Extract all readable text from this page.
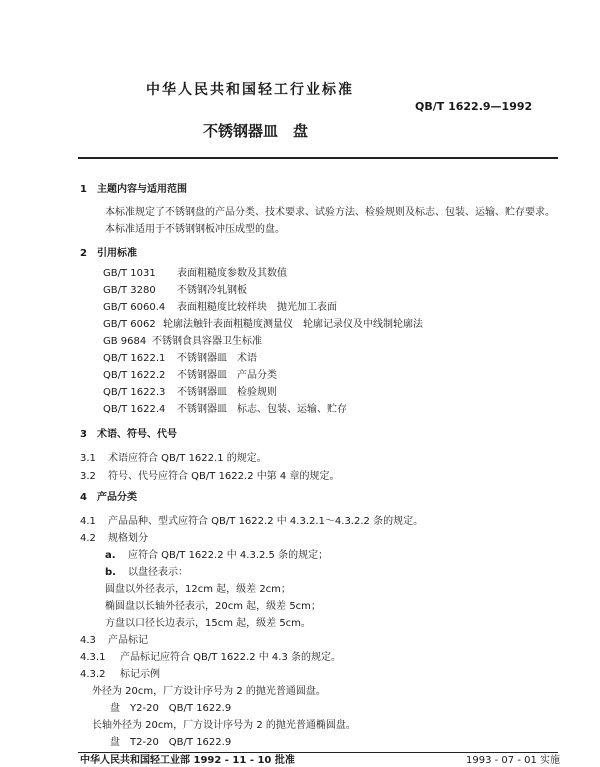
中华人民共和国轻工行业标准
QB/T 1622.9—1992
不锈钢器皿　盘
1　主题内容与适用范围
本标准规定了不锈钢盘的产品分类、技术要求、试验方法、检验规则及标志、包装、运输、贮存要求。
本标准适用于不锈钢钢板冲压成型的盘。
2　引用标准
GB/T 1031 表面粗糙度参数及其数值
GB/T 3280 不锈钢冷轧钢板
GB/T 6060.4 表面粗糙度比较样块　抛光加工表面
GB/T 6062 轮廓法触针表面粗糙度测量仪　轮廓记录仪及中线制轮廓法
GB 9684 不锈钢食具容器卫生标准
QB/T 1622.1 不锈钢器皿　术语
QB/T 1622.2 不锈钢器皿　产品分类
QB/T 1622.3 不锈钢器皿　检验规则
QB/T 1622.4 不锈钢器皿　标志、包装、运输、贮存
3　术语、符号、代号
3.1 术语应符合 QB/T 1622.1 的规定。
3.2 符号、代号应符合 QB/T 1622.2 中第 4 章的规定。
4　产品分类
4.1 产品品种、型式应符合 QB/T 1622.2 中 4.3.2.1～4.3.2.2 条的规定。
4.2 规格划分
a. 应符合 QB/T 1622.2 中 4.3.2.5 条的规定；
b. 以盘径表示：
圆盘以外径表示，12cm 起，级差 2cm；
椭圆盘以长轴外径表示，20cm 起，级差 5cm；
方盘以口径长边表示，15cm 起，级差 5cm。
4.3 产品标记
4.3.1 产品标记应符合 QB/T 1622.2 中 4.3 条的规定。
4.3.2 标记示例
外径为 20cm，厂方设计序号为 2 的抛光普通圆盘。
盘　Y2-20　QB/T 1622.9
长轴外径为 20cm，厂方设计序号为 2 的抛光普通椭圆盘。
盘　T2-20　QB/T 1622.9
中华人民共和国轻工业部 1992 - 11 - 10 批准	1993 - 07 - 01 实施
